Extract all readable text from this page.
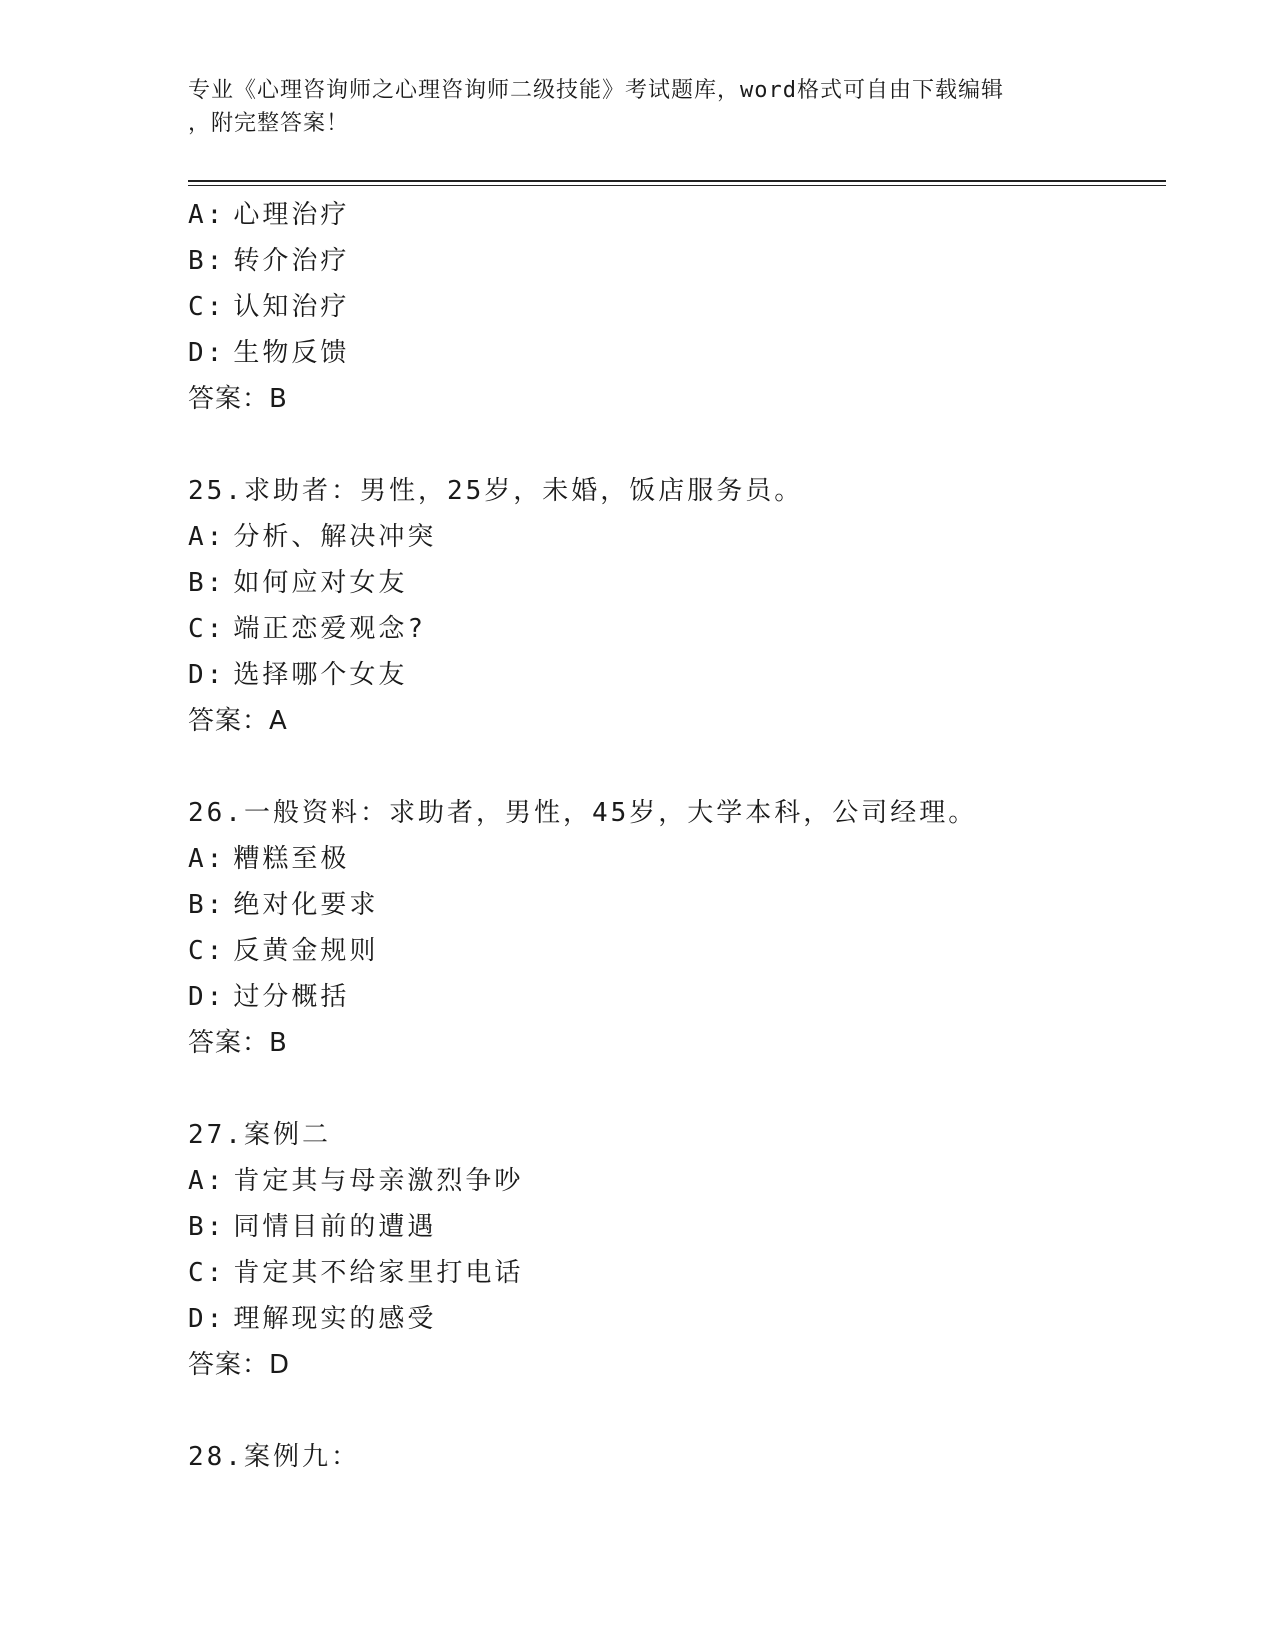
专业《心理咨询师之心理咨询师二级技能》考试题库，word格式可自由下载编辑
，附完整答案！
A: 心理治疗
B: 转介治疗
C: 认知治疗
D: 生物反馈
答案：B
25.求助者：男性，25岁，未婚，饭店服务员。
A: 分析、解决冲突
B: 如何应对女友
C: 端正恋爱观念?
D: 选择哪个女友
答案：A
26.一般资料：求助者，男性，45岁，大学本科，公司经理。
A: 糟糕至极
B: 绝对化要求
C: 反黄金规则
D: 过分概括
答案：B
27.案例二
A: 肯定其与母亲激烈争吵
B: 同情目前的遭遇
C: 肯定其不给家里打电话
D: 理解现实的感受
答案：D
28.案例九：
